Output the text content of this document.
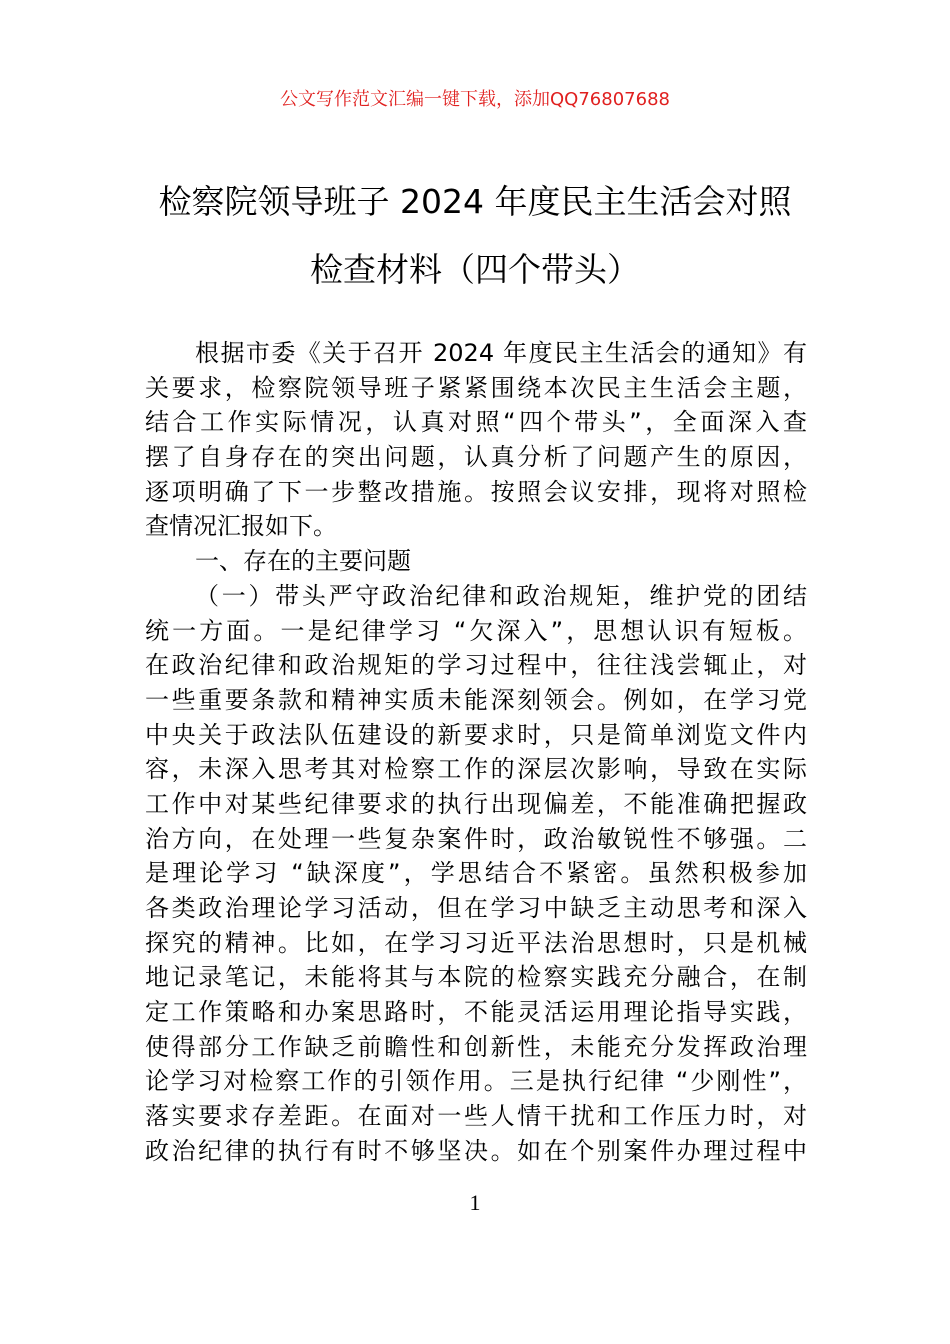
公文写作范文汇编一键下载，添加QQ76807688
检察院领导班子 2024 年度民主生活会对照
检查材料（四个带头）
根据市委《关于召开 2024 年度民主生活会的通知》有
关要求，检察院领导班子紧紧围绕本次民主生活会主题，
结合工作实际情况，认真对照“四个带头”，全面深入查
摆了自身存在的突出问题，认真分析了问题产生的原因，
逐项明确了下一步整改措施。按照会议安排，现将对照检
查情况汇报如下。
一、存在的主要问题
（一）带头严守政治纪律和政治规矩，维护党的团结
统一方面。一是纪律学习 “欠深入”，思想认识有短板。
在政治纪律和政治规矩的学习过程中，往往浅尝辄止，对
一些重要条款和精神实质未能深刻领会。例如，在学习党
中央关于政法队伍建设的新要求时，只是简单浏览文件内
容，未深入思考其对检察工作的深层次影响，导致在实际
工作中对某些纪律要求的执行出现偏差，不能准确把握政
治方向，在处理一些复杂案件时，政治敏锐性不够强。二
是理论学习 “缺深度”，学思结合不紧密。虽然积极参加
各类政治理论学习活动，但在学习中缺乏主动思考和深入
探究的精神。比如，在学习习近平法治思想时，只是机械
地记录笔记，未能将其与本院的检察实践充分融合，在制
定工作策略和办案思路时，不能灵活运用理论指导实践，
使得部分工作缺乏前瞻性和创新性，未能充分发挥政治理
论学习对检察工作的引领作用。三是执行纪律 “少刚性”，
落实要求存差距。在面对一些人情干扰和工作压力时，对
政治纪律的执行有时不够坚决。如在个别案件办理过程中
1
